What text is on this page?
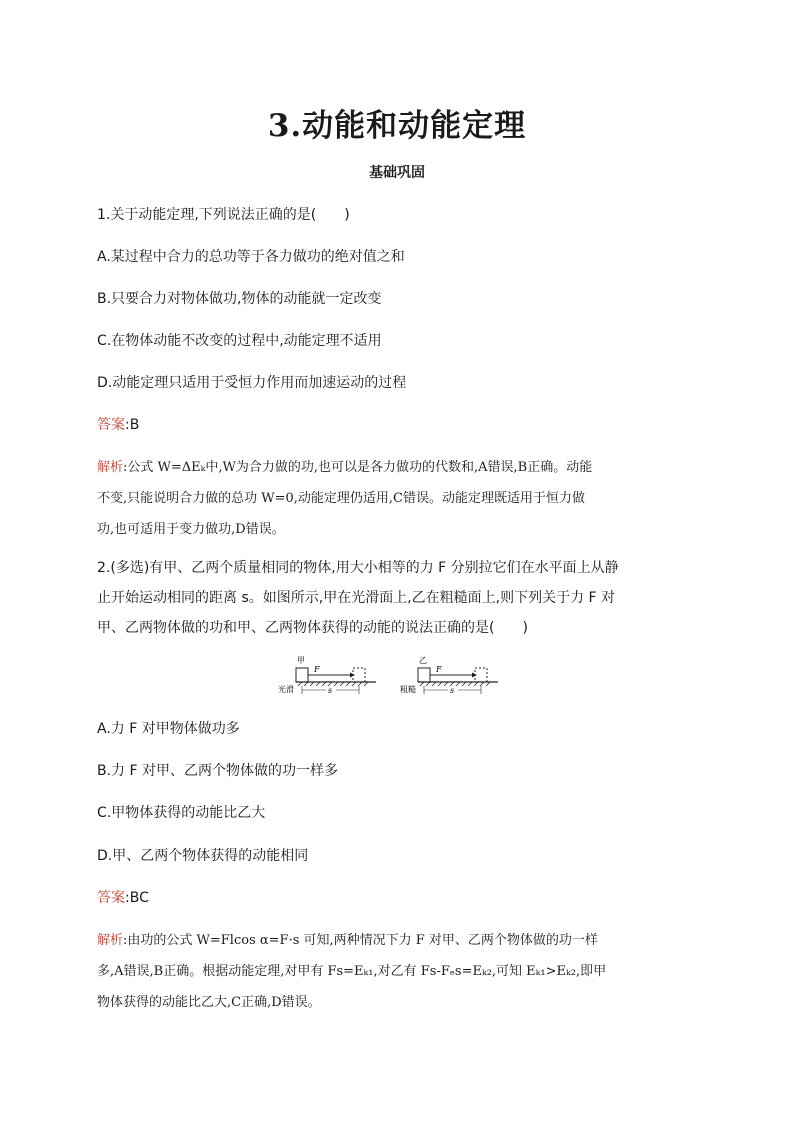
3.动能和动能定理
基础巩固
1.关于动能定理,下列说法正确的是(　　)
A.某过程中合力的总功等于各力做功的绝对值之和
B.只要合力对物体做功,物体的动能就一定改变
C.在物体动能不改变的过程中,动能定理不适用
D.动能定理只适用于受恒力作用而加速运动的过程
答案:B
解析:公式 W=ΔEₖ中,W为合力做的功,也可以是各力做功的代数和,A错误,B正确。动能
不变,只能说明合力做的总功 W=0,动能定理仍适用,C错误。动能定理既适用于恒力做
功,也可适用于变力做功,D错误。
2.(多选)有甲、乙两个质量相同的物体,用大小相等的力 F 分别拉它们在水平面上从静
止开始运动相同的距离 s。如图所示,甲在光滑面上,乙在粗糙面上,则下列关于力 F 对
甲、乙两物体做的功和甲、乙两物体获得的动能的说法正确的是(　　)
甲
F
s
光滑
乙
F
s
粗糙
A.力 F 对甲物体做功多
B.力 F 对甲、乙两个物体做的功一样多
C.甲物体获得的动能比乙大
D.甲、乙两个物体获得的动能相同
答案:BC
解析:由功的公式 W=Flcos α=F·s 可知,两种情况下力 F 对甲、乙两个物体做的功一样
多,A错误,B正确。根据动能定理,对甲有 Fs=Eₖ₁,对乙有 Fs-Fₑs=Eₖ₂,可知 Eₖ₁>Eₖ₂,即甲
物体获得的动能比乙大,C正确,D错误。
